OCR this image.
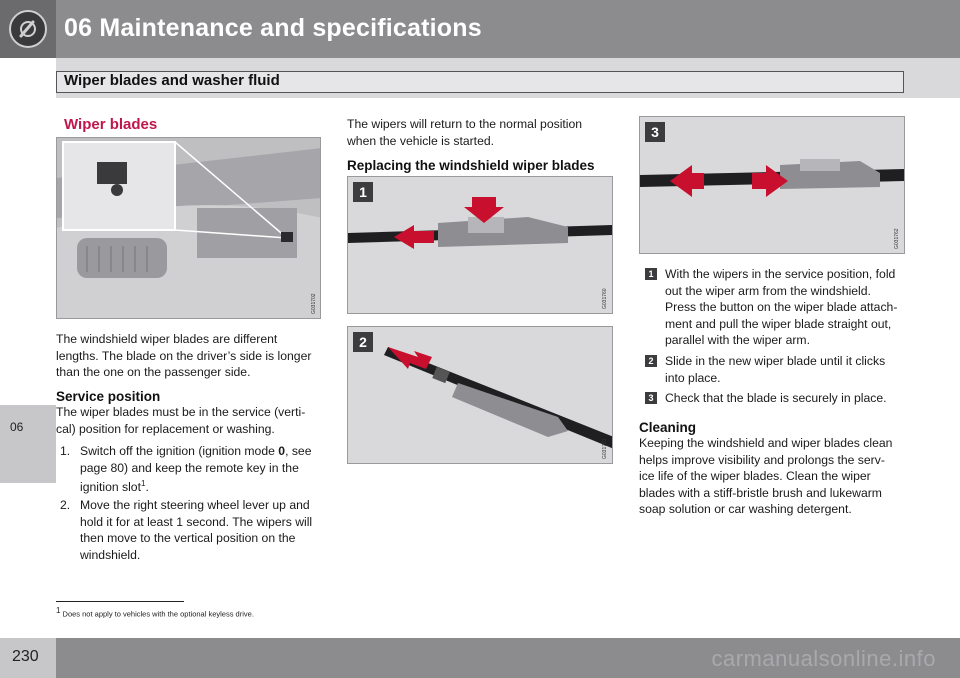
06 Maintenance and specifications
Wiper blades and washer fluid
06
Wiper blades
G031702
The windshield wiper blades are different
lengths. The blade on the driver’s side is longer
than the one on the passenger side.
Service position
The wiper blades must be in the service (verti-
cal) position for replacement or washing.
1. Switch off the ignition (ignition mode 0, see
page 80) and keep the remote key in the
ignition slot$^1$.
2. Move the right steering wheel lever up and
hold it for at least 1 second. The wipers will
then move to the vertical position on the
windshield.
The wipers will return to the normal position
when the vehicle is started.
Replacing the windshield wiper blades
1
G031760
2
G031761
3
G031762
1 With the wipers in the service position, fold
out the wiper arm from the windshield.
Press the button on the wiper blade attach-
ment and pull the wiper blade straight out,
parallel with the wiper arm.
2 Slide in the new wiper blade until it clicks
into place.
3 Check that the blade is securely in place.
Cleaning
Keeping the windshield and wiper blades clean
helps improve visibility and prolongs the serv-
ice life of the wiper blades. Clean the wiper
blades with a stiff-bristle brush and lukewarm
soap solution or car washing detergent.
$^1$ Does not apply to vehicles with the optional keyless drive.
230	carmanualsonline.info
